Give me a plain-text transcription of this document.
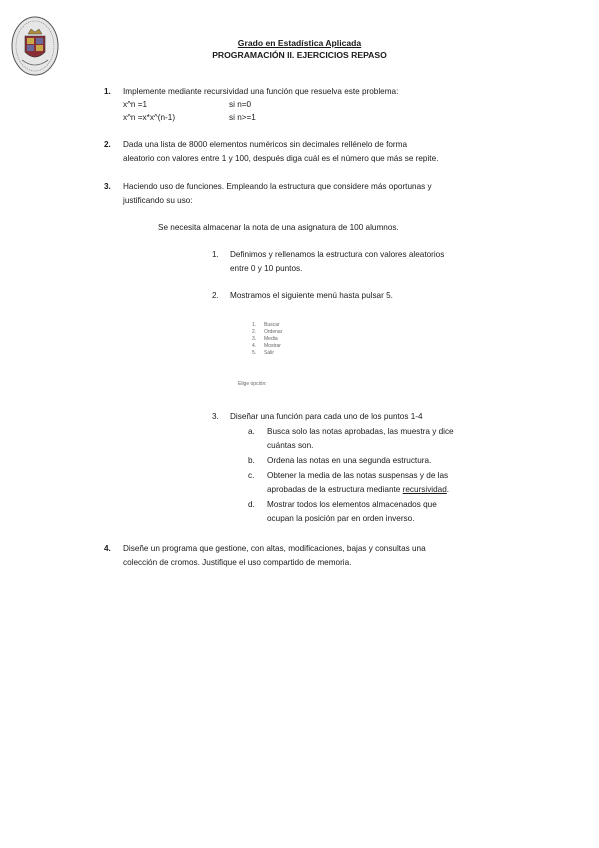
Grado en Estadística Aplicada
PROGRAMACIÓN II. EJERCICIOS REPASO
1. Implemente mediante recursividad una función que resuelva este problema:
x^n =1	si n=0
x^n =x*x^(n-1)	si n>=1
2. Dada una lista de 8000 elementos numéricos sin decimales rellénelo de forma
aleatorio con valores entre 1 y 100, después diga cuál es el número que más se repite.
3. Haciendo uso de funciones. Empleando la estructura que considere más oportunas y
justificando su uso:
Se necesita almacenar la nota de una asignatura de 100 alumnos.
1. Definimos y rellenamos la estructura con valores aleatorios
entre 0 y 10 puntos.
2. Mostramos el siguiente menú hasta pulsar 5.
1. Buscar
2. Ordenar
3. Media
4. Mostrar
5. Salir
Elige opción:
3. Diseñar una función para cada uno de los puntos 1-4
a. Busca solo las notas aprobadas, las muestra y dice
cuántas son.
b. Ordena las notas en una segunda estructura.
c. Obtener la media de las notas suspensas y de las
aprobadas de la estructura mediante recursividad.
d. Mostrar todos los elementos almacenados que
ocupan la posición par en orden inverso.
4. Diseñe un programa que gestione, con altas, modificaciones, bajas y consultas una
colección de cromos. Justifique el uso compartido de memoria.
